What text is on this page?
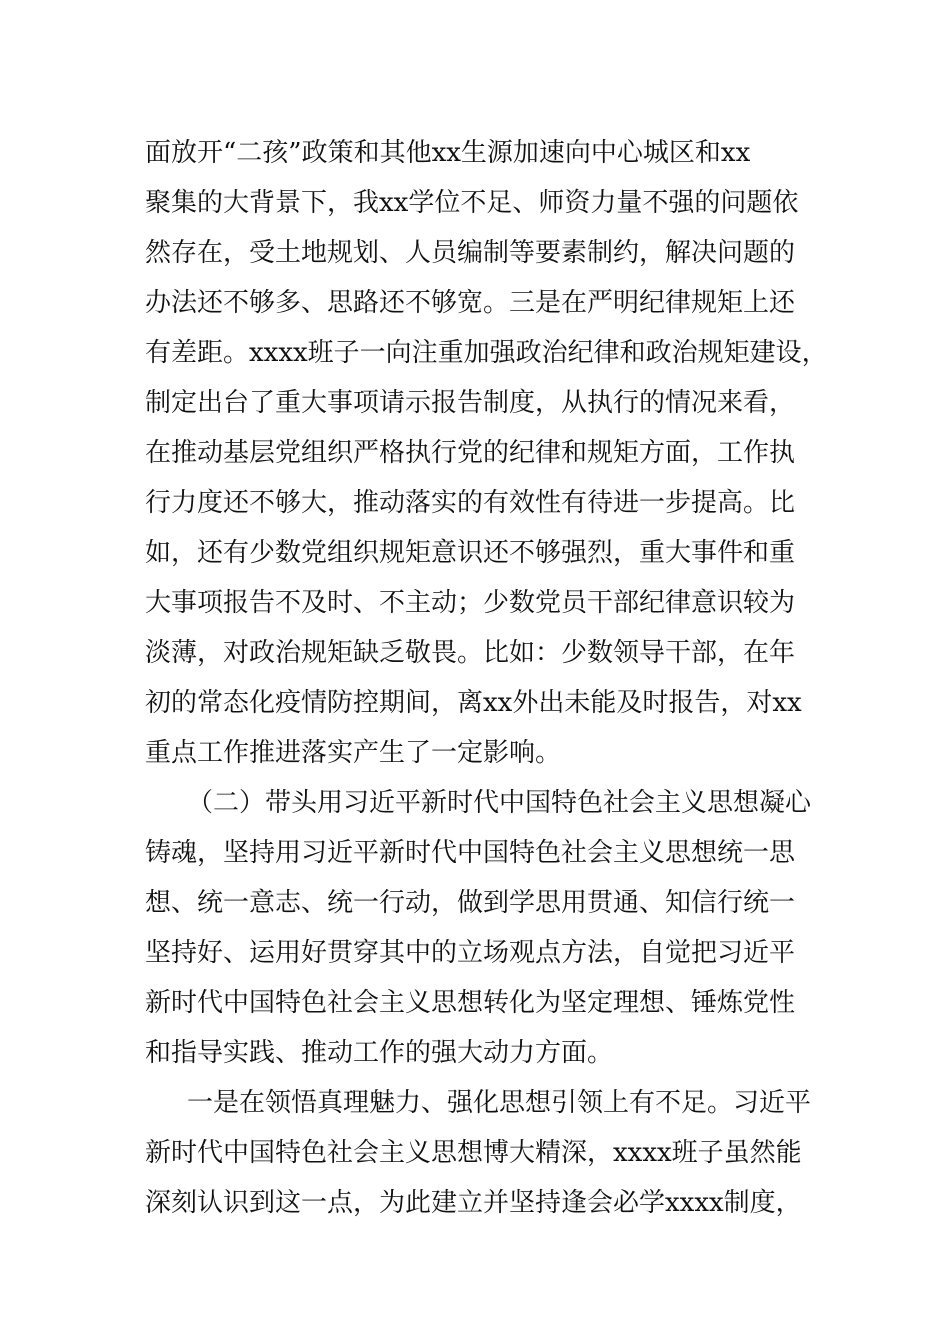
面放开“二孩”政策和其他xx生源加速向中心城区和xx
聚集的大背景下，我xx学位不足、师资力量不强的问题依
然存在，受土地规划、人员编制等要素制约，解决问题的
办法还不够多、思路还不够宽。三是在严明纪律规矩上还
有差距。xxxx班子一向注重加强政治纪律和政治规矩建设，
制定出台了重大事项请示报告制度，从执行的情况来看，
在推动基层党组织严格执行党的纪律和规矩方面，工作执
行力度还不够大，推动落实的有效性有待进一步提高。比
如，还有少数党组织规矩意识还不够强烈，重大事件和重
大事项报告不及时、不主动；少数党员干部纪律意识较为
淡薄，对政治规矩缺乏敬畏。比如：少数领导干部，在年
初的常态化疫情防控期间，离xx外出未能及时报告，对xx
重点工作推进落实产生了一定影响。
（二）带头用习近平新时代中国特色社会主义思想凝心
铸魂，坚持用习近平新时代中国特色社会主义思想统一思
想、统一意志、统一行动，做到学思用贯通、知信行统一
坚持好、运用好贯穿其中的立场观点方法，自觉把习近平
新时代中国特色社会主义思想转化为坚定理想、锤炼党性
和指导实践、推动工作的强大动力方面。
一是在领悟真理魅力、强化思想引领上有不足。习近平
新时代中国特色社会主义思想博大精深，xxxx班子虽然能
深刻认识到这一点，为此建立并坚持逢会必学xxxx制度，
